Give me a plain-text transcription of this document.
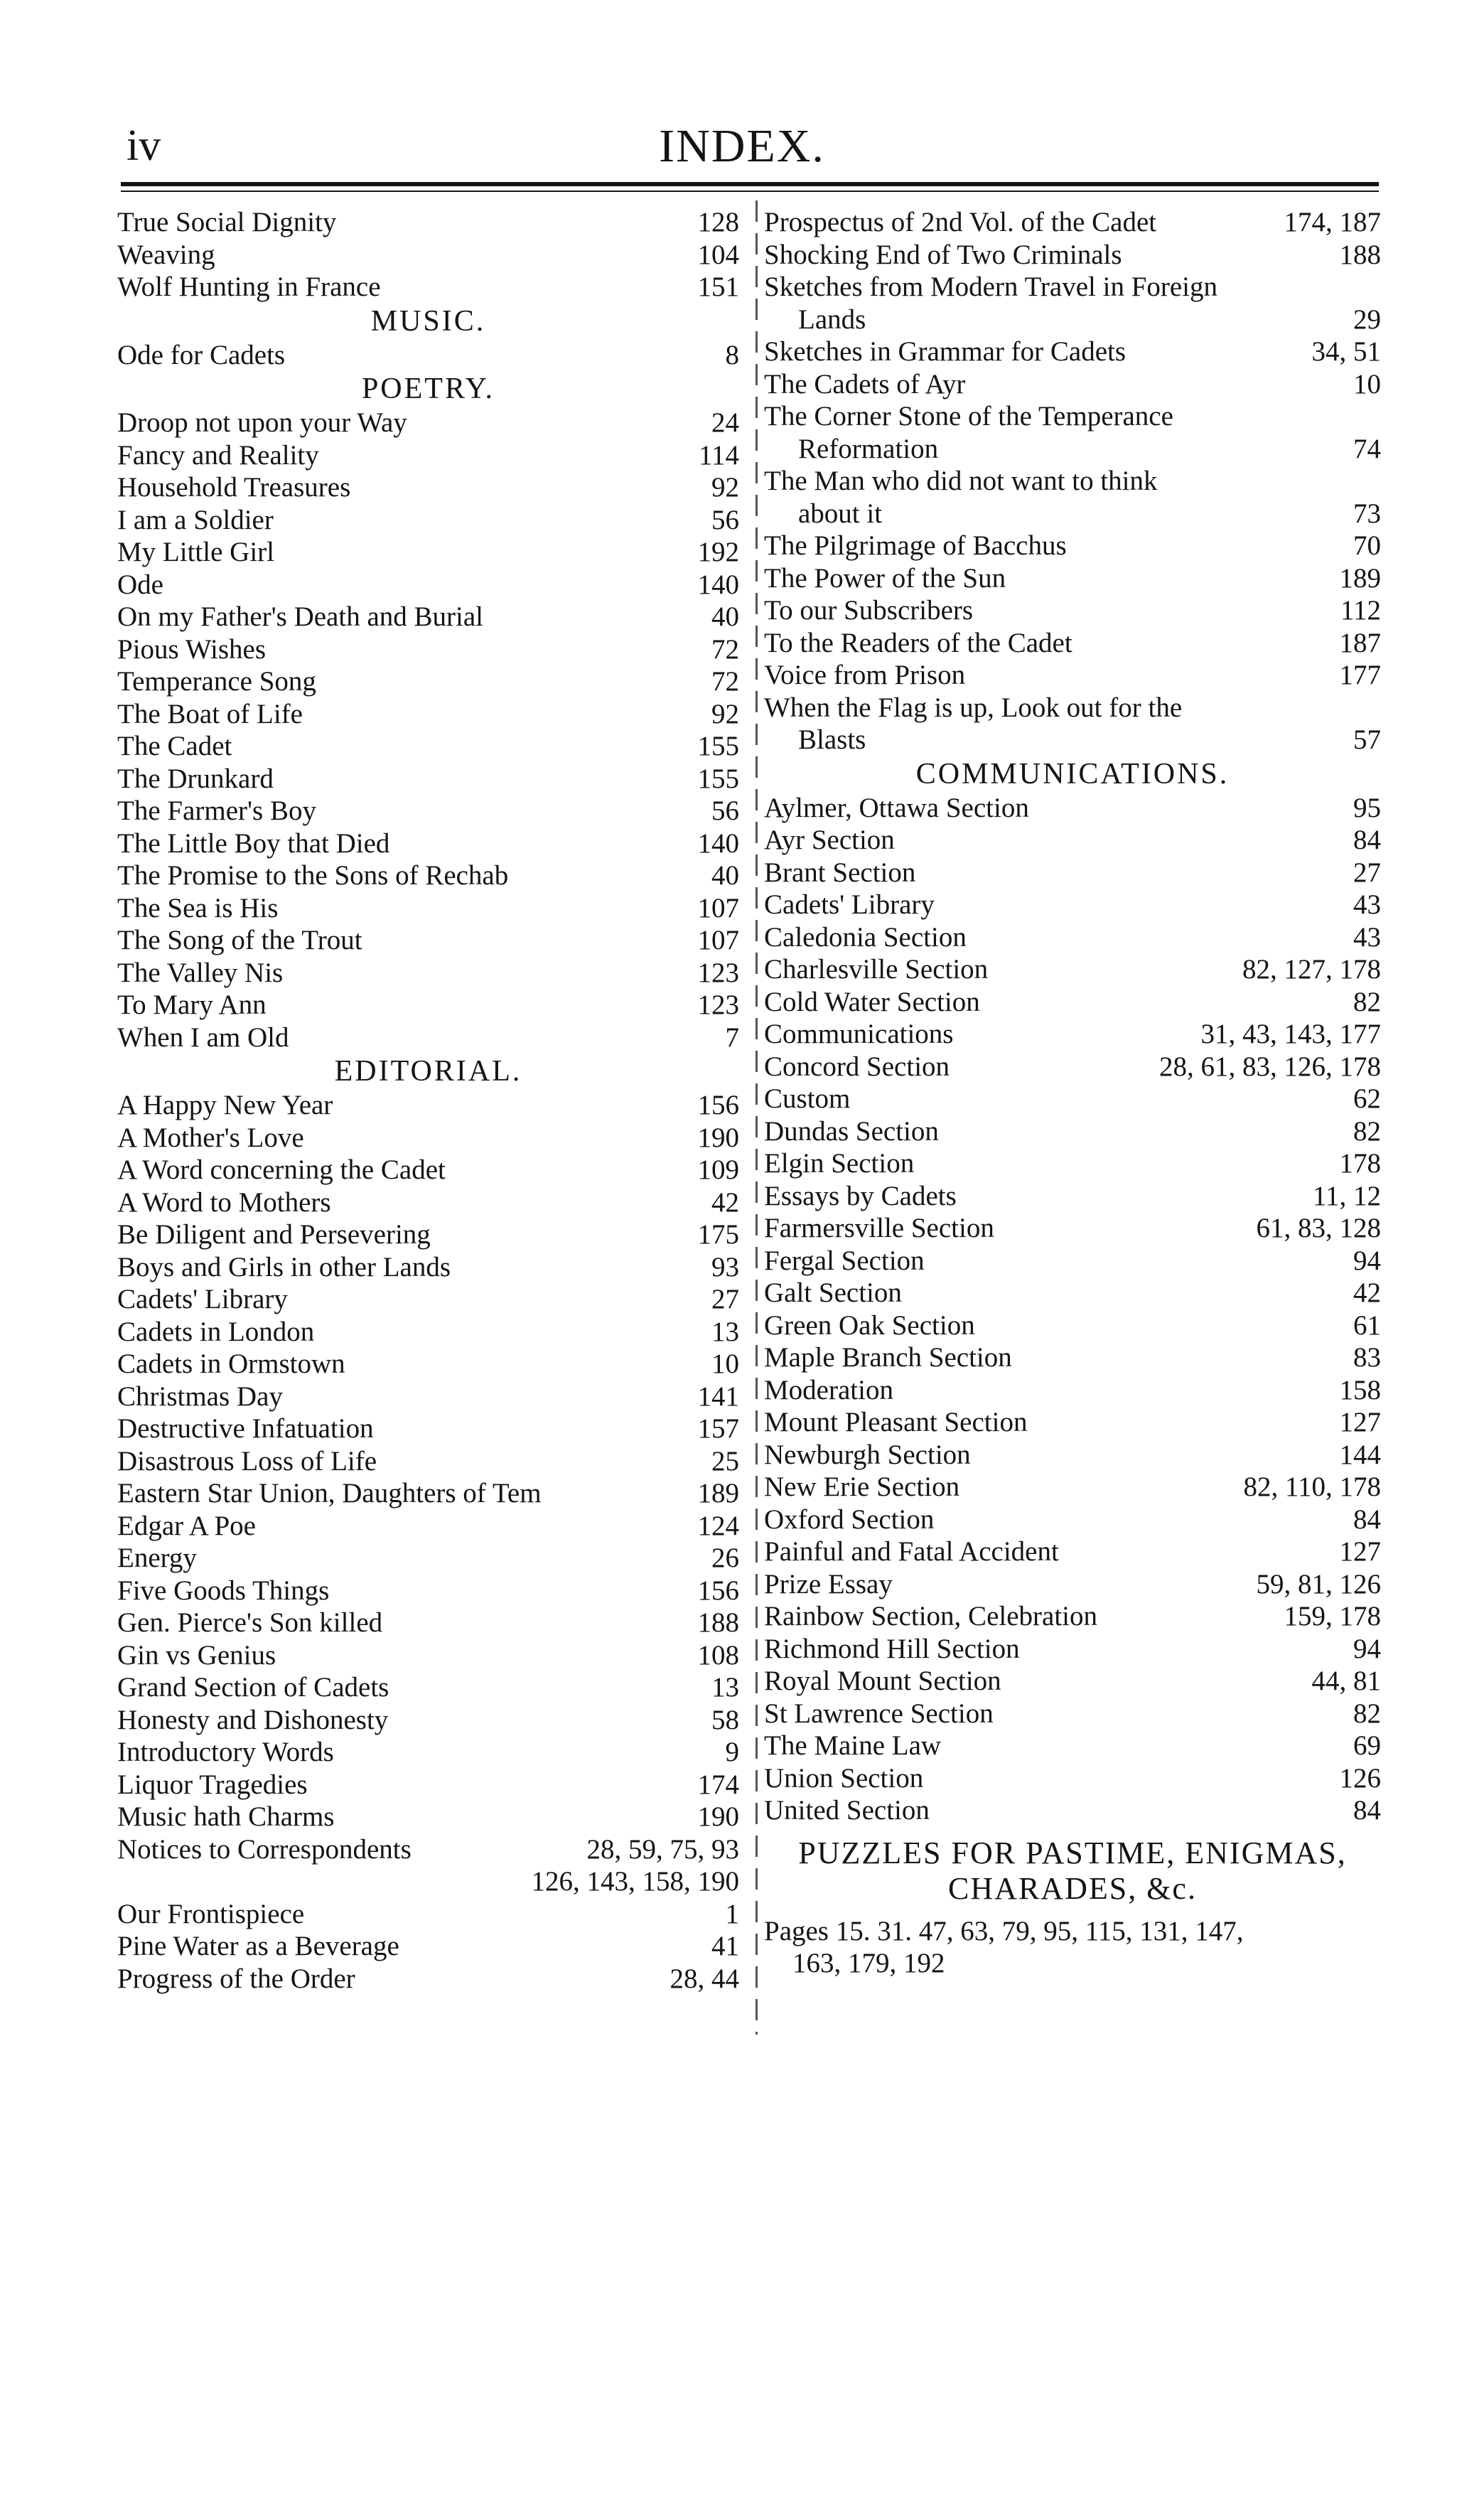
iv	INDEX.
True Social Dignity	128
Weaving	104
Wolf Hunting in France	151
MUSIC.
Ode for Cadets	8
POETRY.
Droop not upon your Way	24
Fancy and Reality	114
Household Treasures	92
I am a Soldier	56
My Little Girl	192
Ode	140
On my Father's Death and Burial	40
Pious Wishes	72
Temperance Song	72
The Boat of Life	92
The Cadet	155
The Drunkard	155
The Farmer's Boy	56
The Little Boy that Died	140
The Promise to the Sons of Rechab	40
The Sea is His	107
The Song of the Trout	107
The Valley Nis	123
To Mary Ann	123
When I am Old	7
EDITORIAL.
A Happy New Year	156
A Mother's Love	190
A Word concerning the Cadet	109
A Word to Mothers	42
Be Diligent and Persevering	175
Boys and Girls in other Lands	93
Cadets' Library	27
Cadets in London	13
Cadets in Ormstown	10
Christmas Day	141
Destructive Infatuation	157
Disastrous Loss of Life	25
Eastern Star Union, Daughters of Tem	189
Edgar A Poe	124
Energy	26
Five Goods Things	156
Gen. Pierce's Son killed	188
Gin vs Genius	108
Grand Section of Cadets	13
Honesty and Dishonesty	58
Introductory Words	9
Liquor Tragedies	174
Music hath Charms	190
Notices to Correspondents	28, 59, 75, 93
126, 143, 158, 190
Our Frontispiece	1
Pine Water as a Beverage	41
Progress of the Order	28, 44
Prospectus of 2nd Vol. of the Cadet	174, 187
Shocking End of Two Criminals	188
Sketches from Modern Travel in Foreign
Lands	29
Sketches in Grammar for Cadets	34, 51
The Cadets of Ayr	10
The Corner Stone of the Temperance
Reformation	74
The Man who did not want to think
about it	73
The Pilgrimage of Bacchus	70
The Power of the Sun	189
To our Subscribers	112
To the Readers of the Cadet	187
Voice from Prison	177
When the Flag is up, Look out for the
Blasts	57
COMMUNICATIONS.
Aylmer, Ottawa Section	95
Ayr Section	84
Brant Section	27
Cadets' Library	43
Caledonia Section	43
Charlesville Section	82, 127, 178
Cold Water Section	82
Communications	31, 43, 143, 177
Concord Section	28, 61, 83, 126, 178
Custom	62
Dundas Section	82
Elgin Section	178
Essays by Cadets	11, 12
Farmersville Section	61, 83, 128
Fergal Section	94
Galt Section	42
Green Oak Section	61
Maple Branch Section	83
Moderation	158
Mount Pleasant Section	127
Newburgh Section	144
New Erie Section	82, 110, 178
Oxford Section	84
Painful and Fatal Accident	127
Prize Essay	59, 81, 126
Rainbow Section, Celebration	159, 178
Richmond Hill Section	94
Royal Mount Section	44, 81
St Lawrence Section	82
The Maine Law	69
Union Section	126
United Section	84
PUZZLES FOR PASTIME, ENIGMAS,
CHARADES, &c.
Pages 15. 31. 47, 63, 79, 95, 115, 131, 147,
163, 179, 192
